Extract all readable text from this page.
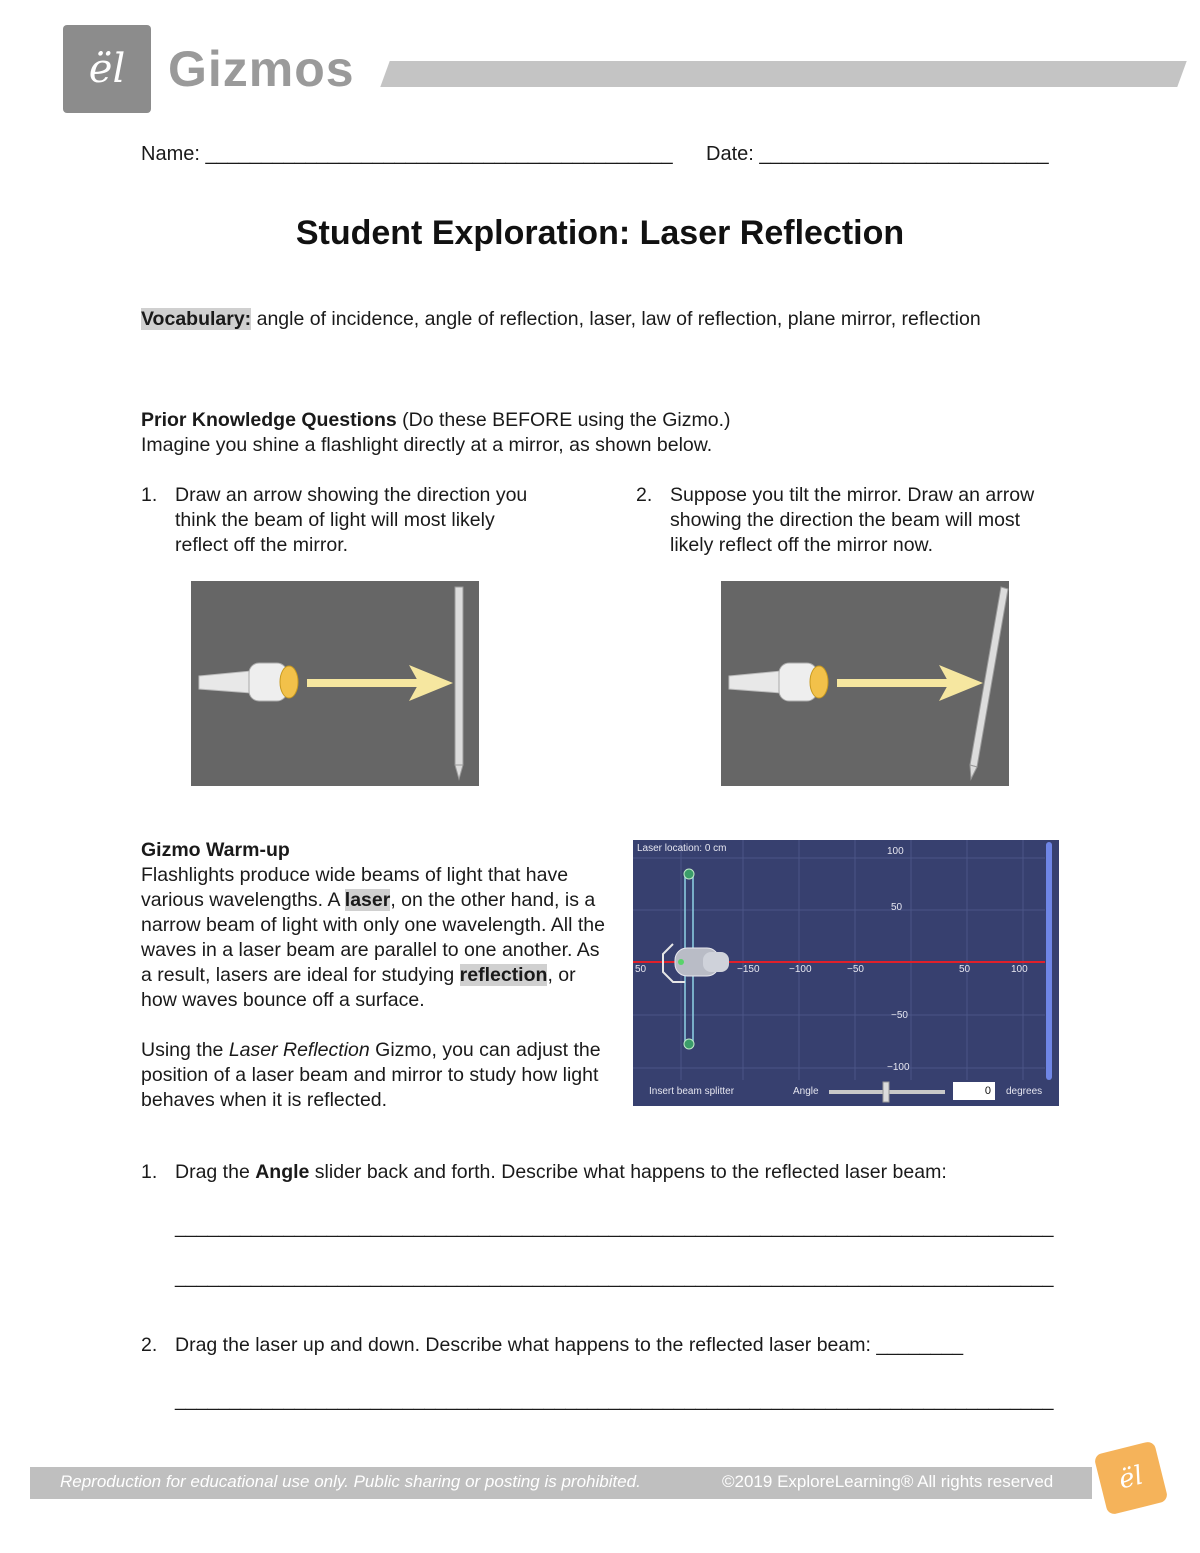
ël Gizmos
Name: __________________________________________ Date: __________________________
Student Exploration: Laser Reflection
Vocabulary: angle of incidence, angle of reflection, laser, law of reflection, plane mirror, reflection
Prior Knowledge Questions (Do these BEFORE using the Gizmo.)
Imagine you shine a flashlight directly at a mirror, as shown below.
1. Draw an arrow showing the direction you think the beam of light will most likely reflect off the mirror.
2. Suppose you tilt the mirror. Draw an arrow showing the direction the beam will most likely reflect off the mirror now.
Gizmo Warm-up
Flashlights produce wide beams of light that have various wavelengths. A laser, on the other hand, is a narrow beam of light with only one wavelength. All the waves in a laser beam are parallel to one another. As a result, lasers are ideal for studying reflection, or how waves bounce off a surface.
Using the Laser Reflection Gizmo, you can adjust the position of a laser beam and mirror to study how light behaves when it is reflected.
Laser location: 0 cm	100
50
−50
−100
50	−150	−100	−50	50	100
Insert beam splitter	Angle	0	degrees
1. Drag the Angle slider back and forth. Describe what happens to the reflected laser beam:
_________________________________________________________________________________
_________________________________________________________________________________
2. Drag the laser up and down. Describe what happens to the reflected laser beam: ________
_________________________________________________________________________________
Reproduction for educational use only. Public sharing or posting is prohibited.	©2019 ExploreLearning® All rights reserved	ël
